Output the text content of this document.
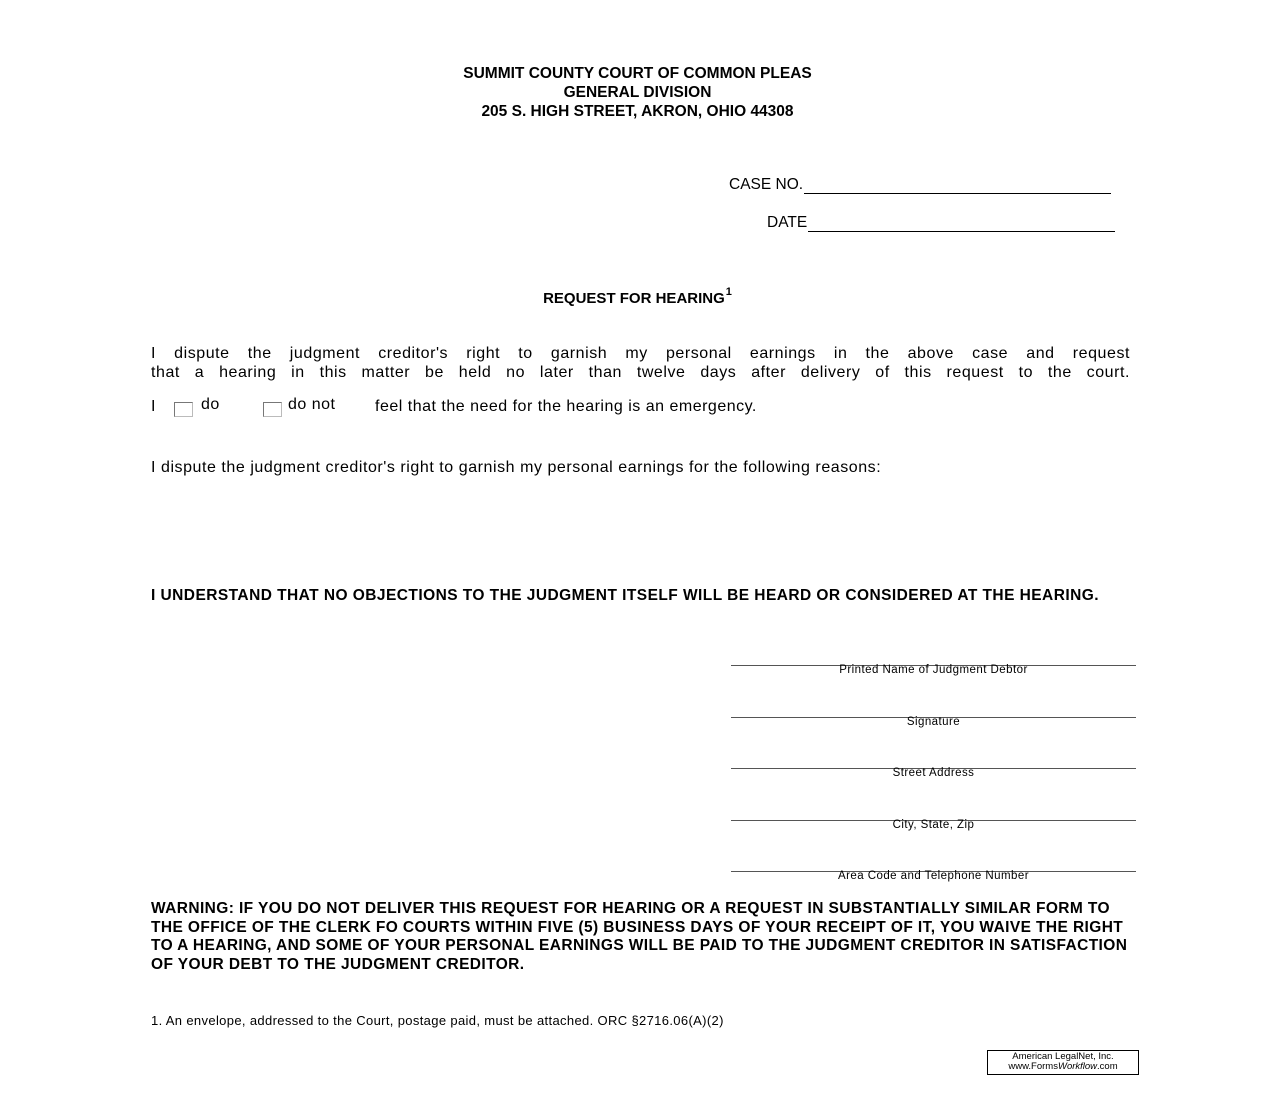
SUMMIT COUNTY COURT OF COMMON PLEAS
GENERAL DIVISION
205 S. HIGH STREET, AKRON, OHIO 44308
CASE NO.
DATE
REQUEST FOR HEARING$^1$
I dispute the judgment creditor's right to garnish my personal earnings in the above case and request
that a hearing in this matter be held no later than twelve days after delivery of this request to the court.
I	do	do not feel that the need for the hearing is an emergency.
I dispute the judgment creditor's right to garnish my personal earnings for the following reasons:
I UNDERSTAND THAT NO OBJECTIONS TO THE JUDGMENT ITSELF WILL BE HEARD OR CONSIDERED AT THE HEARING.
Printed Name of Judgment Debtor
Signature
Street Address
City, State, Zip
Area Code and Telephone Number
WARNING: IF YOU DO NOT DELIVER THIS REQUEST FOR HEARING OR A REQUEST IN SUBSTANTIALLY SIMILAR FORM TO THE OFFICE OF THE CLERK FO COURTS WITHIN FIVE (5) BUSINESS DAYS OF YOUR RECEIPT OF IT, YOU WAIVE THE RIGHT TO A HEARING, AND SOME OF YOUR PERSONAL EARNINGS WILL BE PAID TO THE JUDGMENT CREDITOR IN SATISFACTION OF YOUR DEBT TO THE JUDGMENT CREDITOR.
1. An envelope, addressed to the Court, postage paid, must be attached. ORC §2716.06(A)(2)
American LegalNet, Inc.
www.FormsWorkflow.com
